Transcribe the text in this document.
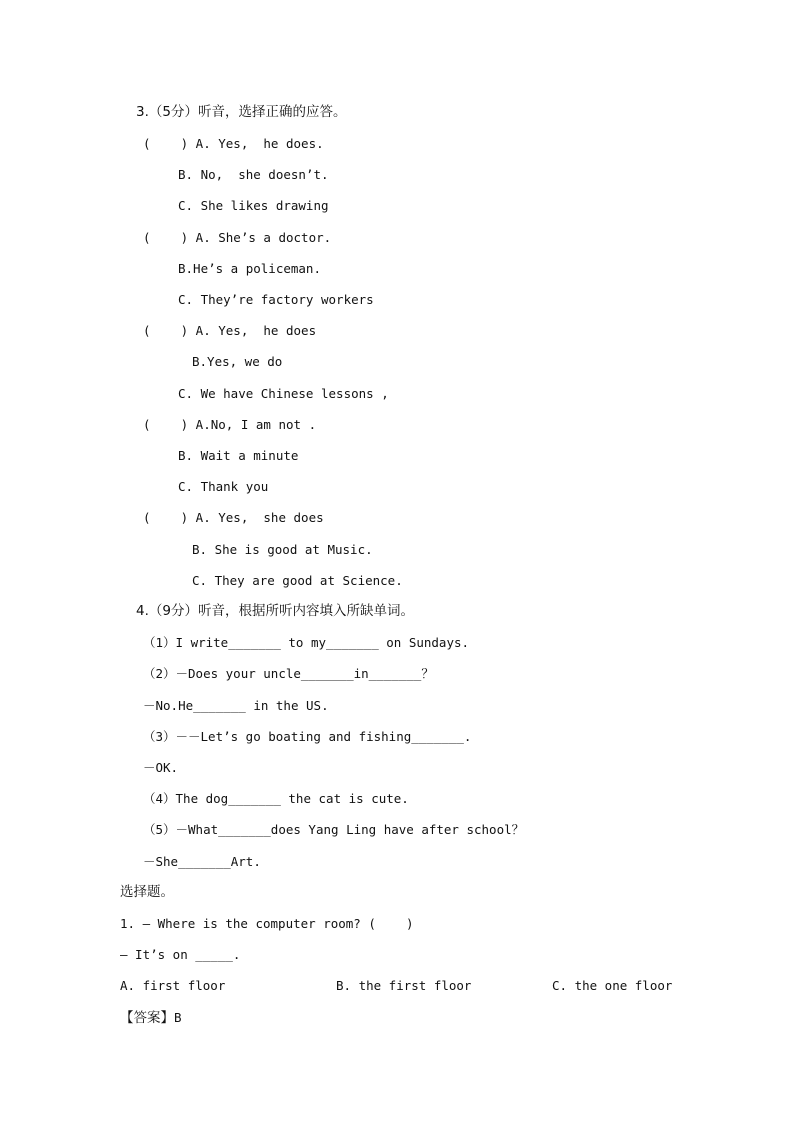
3.（5分）听音，选择正确的应答。
(    ) A. Yes,  he does.
B. No,  she doesn’t.
C. She likes drawing
(    ) A. She’s a doctor.
B.He’s a policeman.
C. They’re factory workers
(    ) A. Yes,  he does
B.Yes, we do
C. We have Chinese lessons ,
(    ) A.No, I am not .
B. Wait a minute
C. Thank you
(    ) A. Yes,  she does
B. She is good at Music.
C. They are good at Science.
4.（9分）听音，根据所听内容填入所缺单词。
（1）I write_______ to my_______ on Sundays.
（2）－Does your uncle_______in_______？
－No.He_______ in the US.
（3）－－Let’s go boating and fishing_______.
－OK.
（4）The dog_______ the cat is cute.
（5）－What_______does Yang Ling have after school？
－She_______Art.
选择题。
1. — Where is the computer room? (    )
— It’s on _____.
A. first floor	B. the first floor	C. the one floor
【答案】B
